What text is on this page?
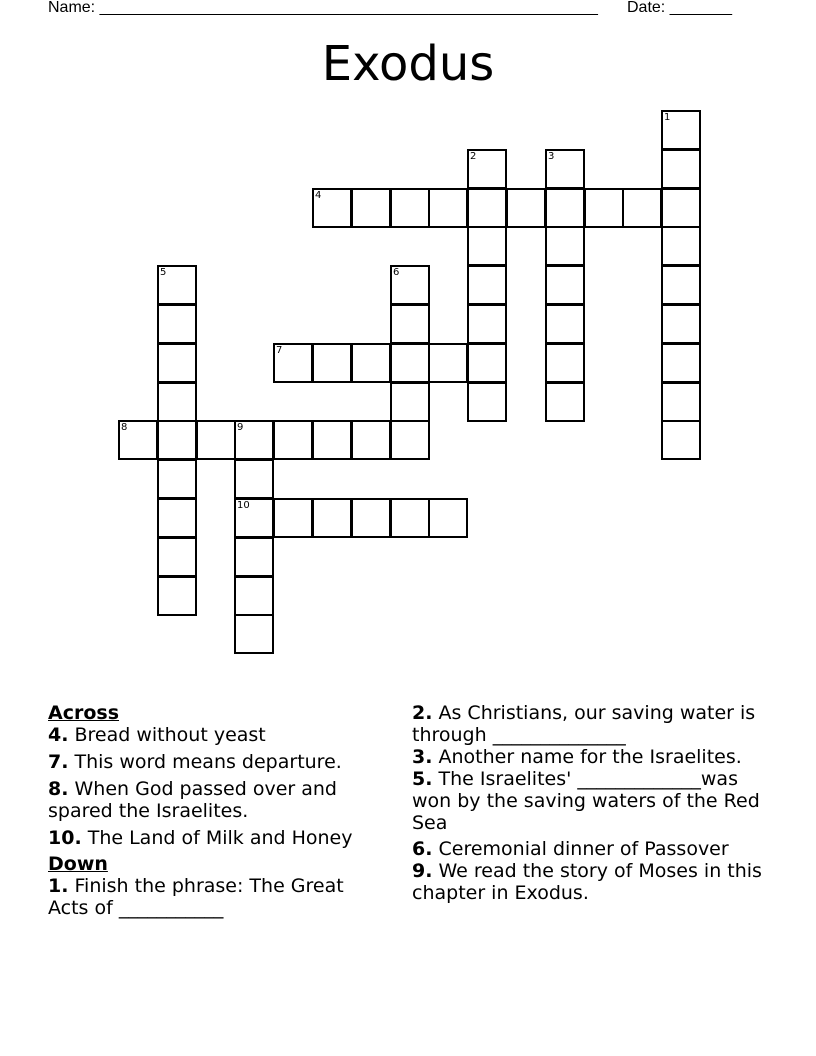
Name: ________________________________________________________ Date: _______
Exodus
1
2	3
4
5	6
7
8	9
10
Across
4. Bread without yeast
7. This word means departure.
8. When God passed over and spared the Israelites.
10. The Land of Milk and Honey
Down
1. Finish the phrase: The Great Acts of ___________
2. As Christians, our saving water is through ______________
3. Another name for the Israelites.
5. The Israelites' _____________was won by the saving waters of the Red Sea
6. Ceremonial dinner of Passover
9. We read the story of Moses in this chapter in Exodus.
